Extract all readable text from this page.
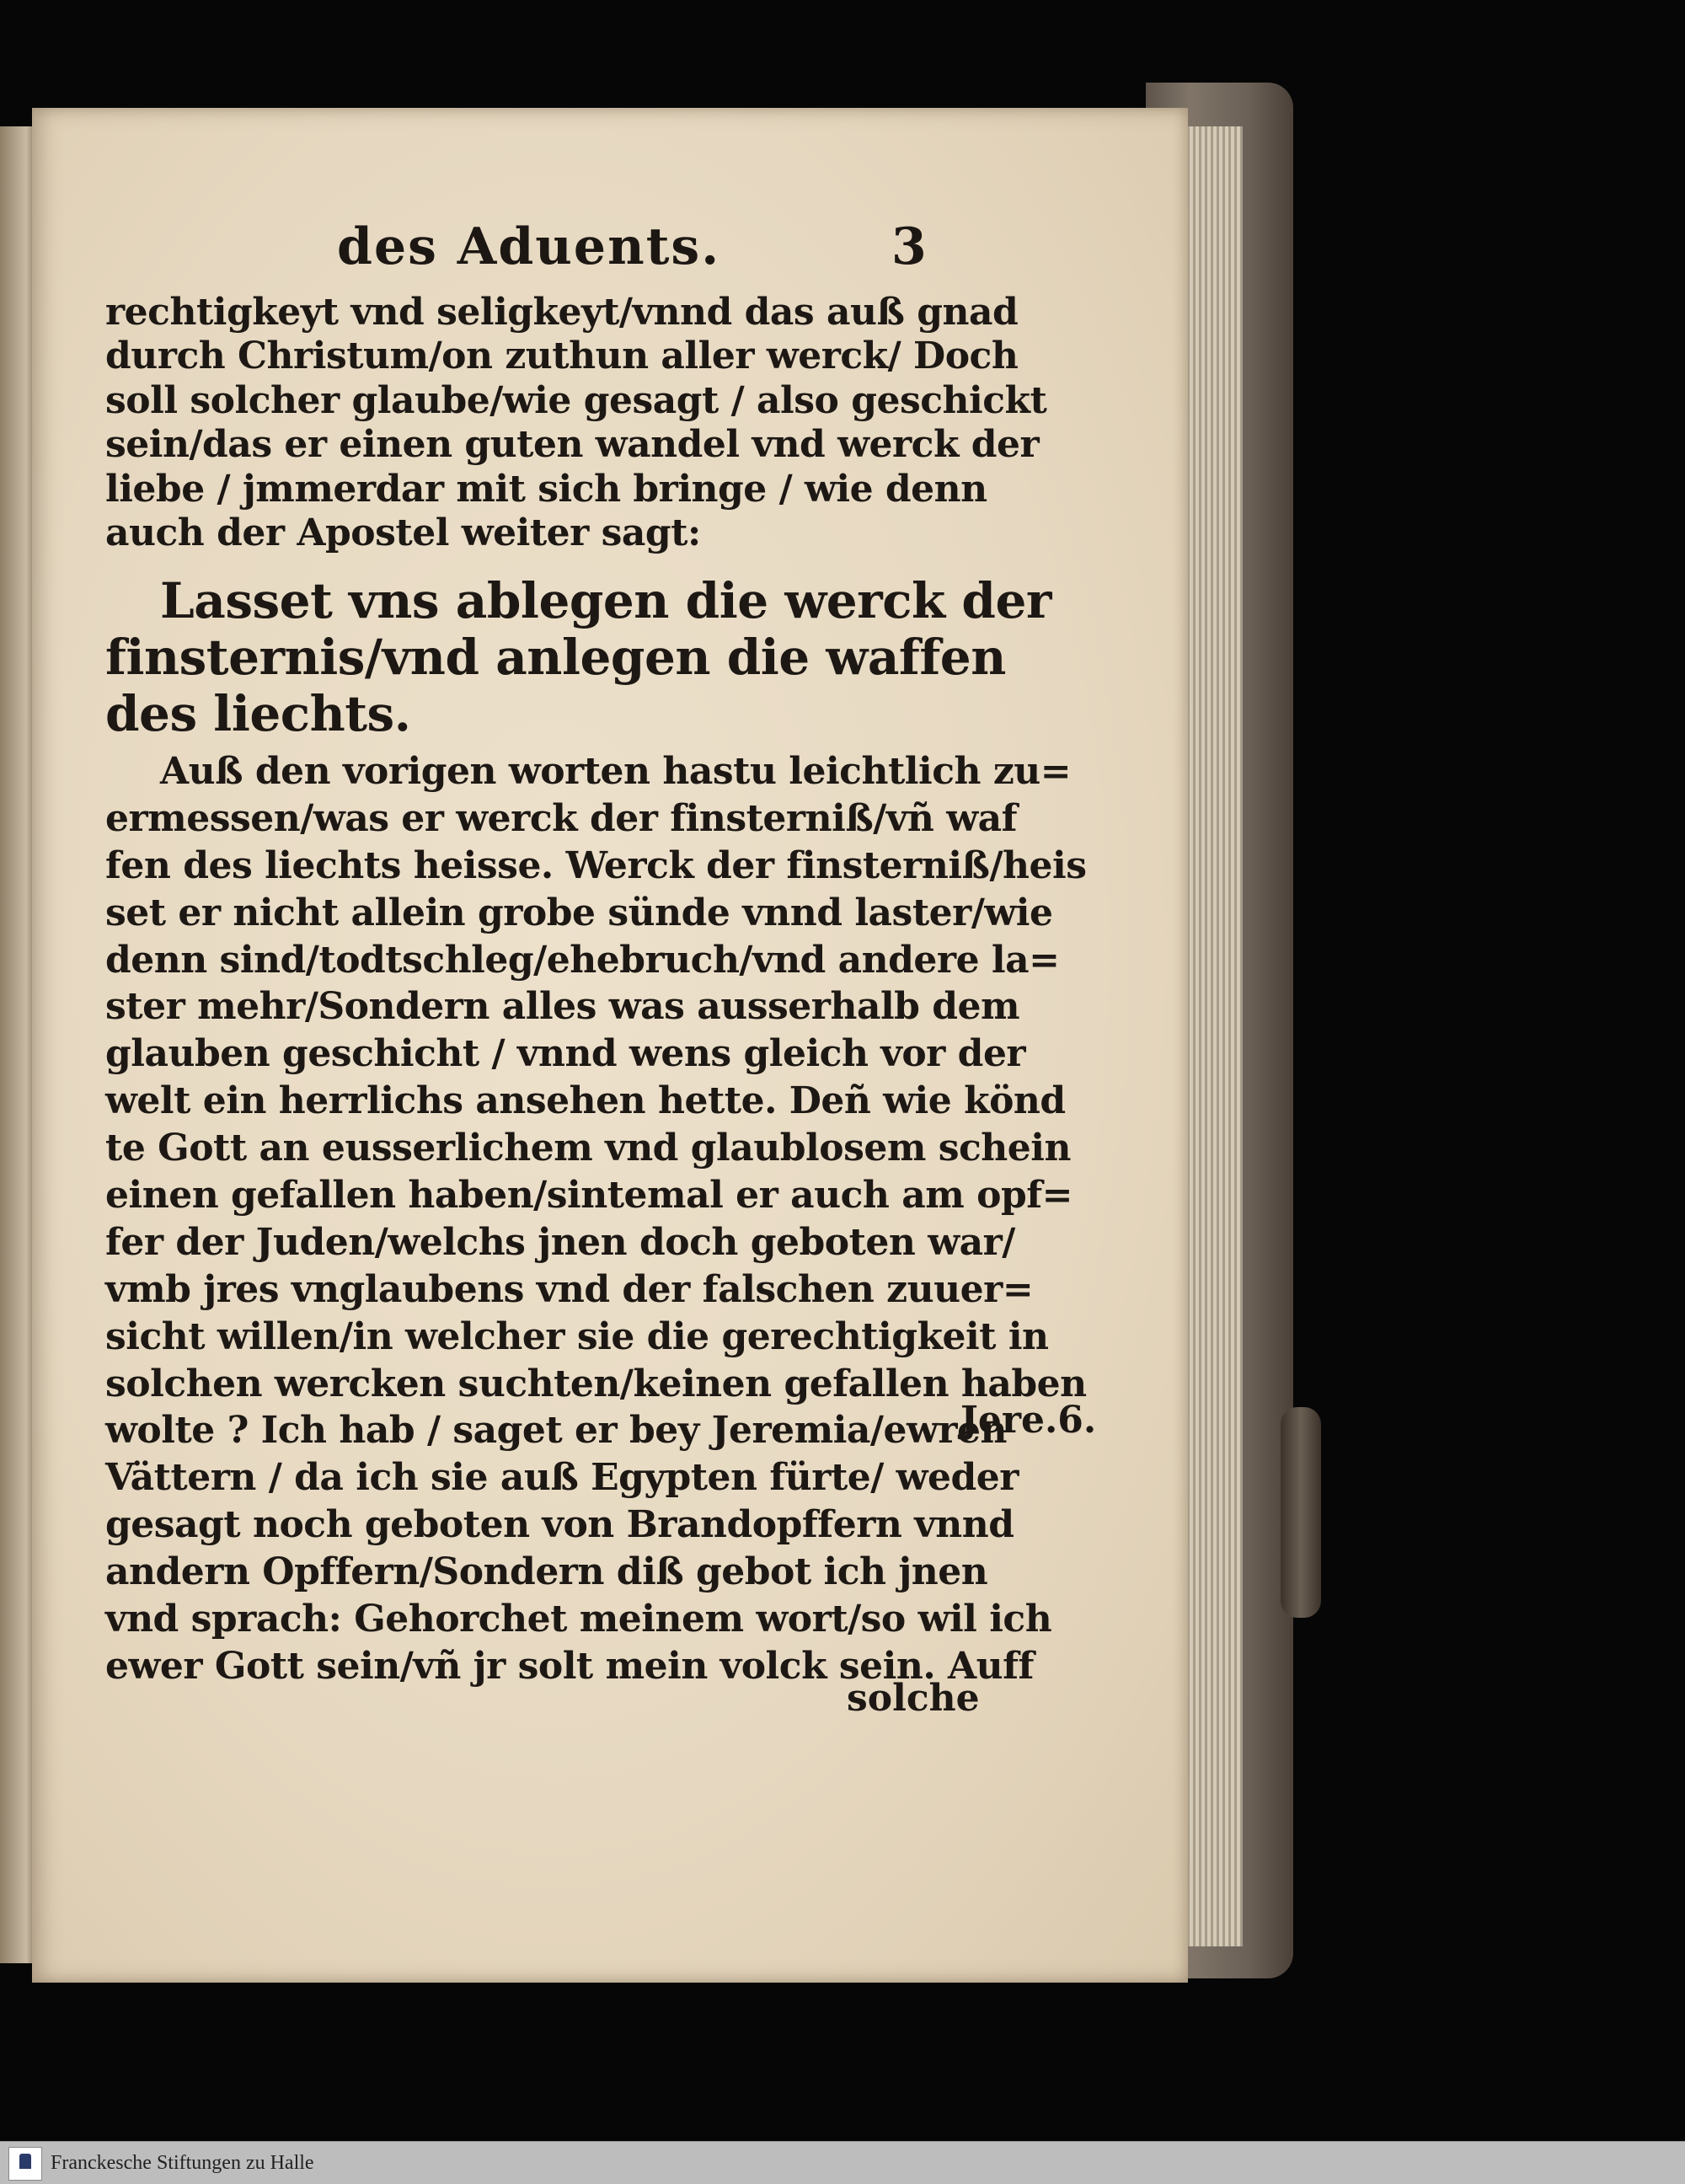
des Aduents.	3
rechtigkeyt vnd seligkeyt/vnnd das auß gnad
durch Christum/on zuthun aller werck/ Doch
soll solcher glaube/wie gesagt / also geschickt
sein/das er einen guten wandel vnd werck der
liebe / jmmerdar mit sich bringe / wie denn
auch der Apostel weiter sagt:
Lasset vns ablegen die werck der
finsternis/vnd anlegen die waffen
des liechts.
Auß den vorigen worten hastu leichtlich zu=
ermessen/was er werck der finsterniß/vñ waf
fen des liechts heisse. Werck der finsterniß/heis
set er nicht allein grobe sünde vnnd laster/wie
denn sind/todtschleg/ehebruch/vnd andere la=
ster mehr/Sondern alles was ausserhalb dem
glauben geschicht / vnnd wens gleich vor der
welt ein herrlichs ansehen hette. Deñ wie könd
te Gott an eusserlichem vnd glaublosem schein
einen gefallen haben/sintemal er auch am opf=
fer der Juden/welchs jnen doch geboten war/
vmb jres vnglaubens vnd der falschen zuuer=
sicht willen/in welcher sie die gerechtigkeit in
solchen wercken suchten/keinen gefallen haben
wolte ? Ich hab / saget er bey Jeremia/ewren
Vättern / da ich sie auß Egypten fürte/ weder
gesagt noch geboten von Brandopffern vnnd
andern Opffern/Sondern diß gebot ich jnen
vnd sprach: Gehorchet meinem wort/so wil ich
ewer Gott sein/vñ jr solt mein volck sein. Auff
Jere.6.
solche
Franckesche Stiftungen zu Halle
